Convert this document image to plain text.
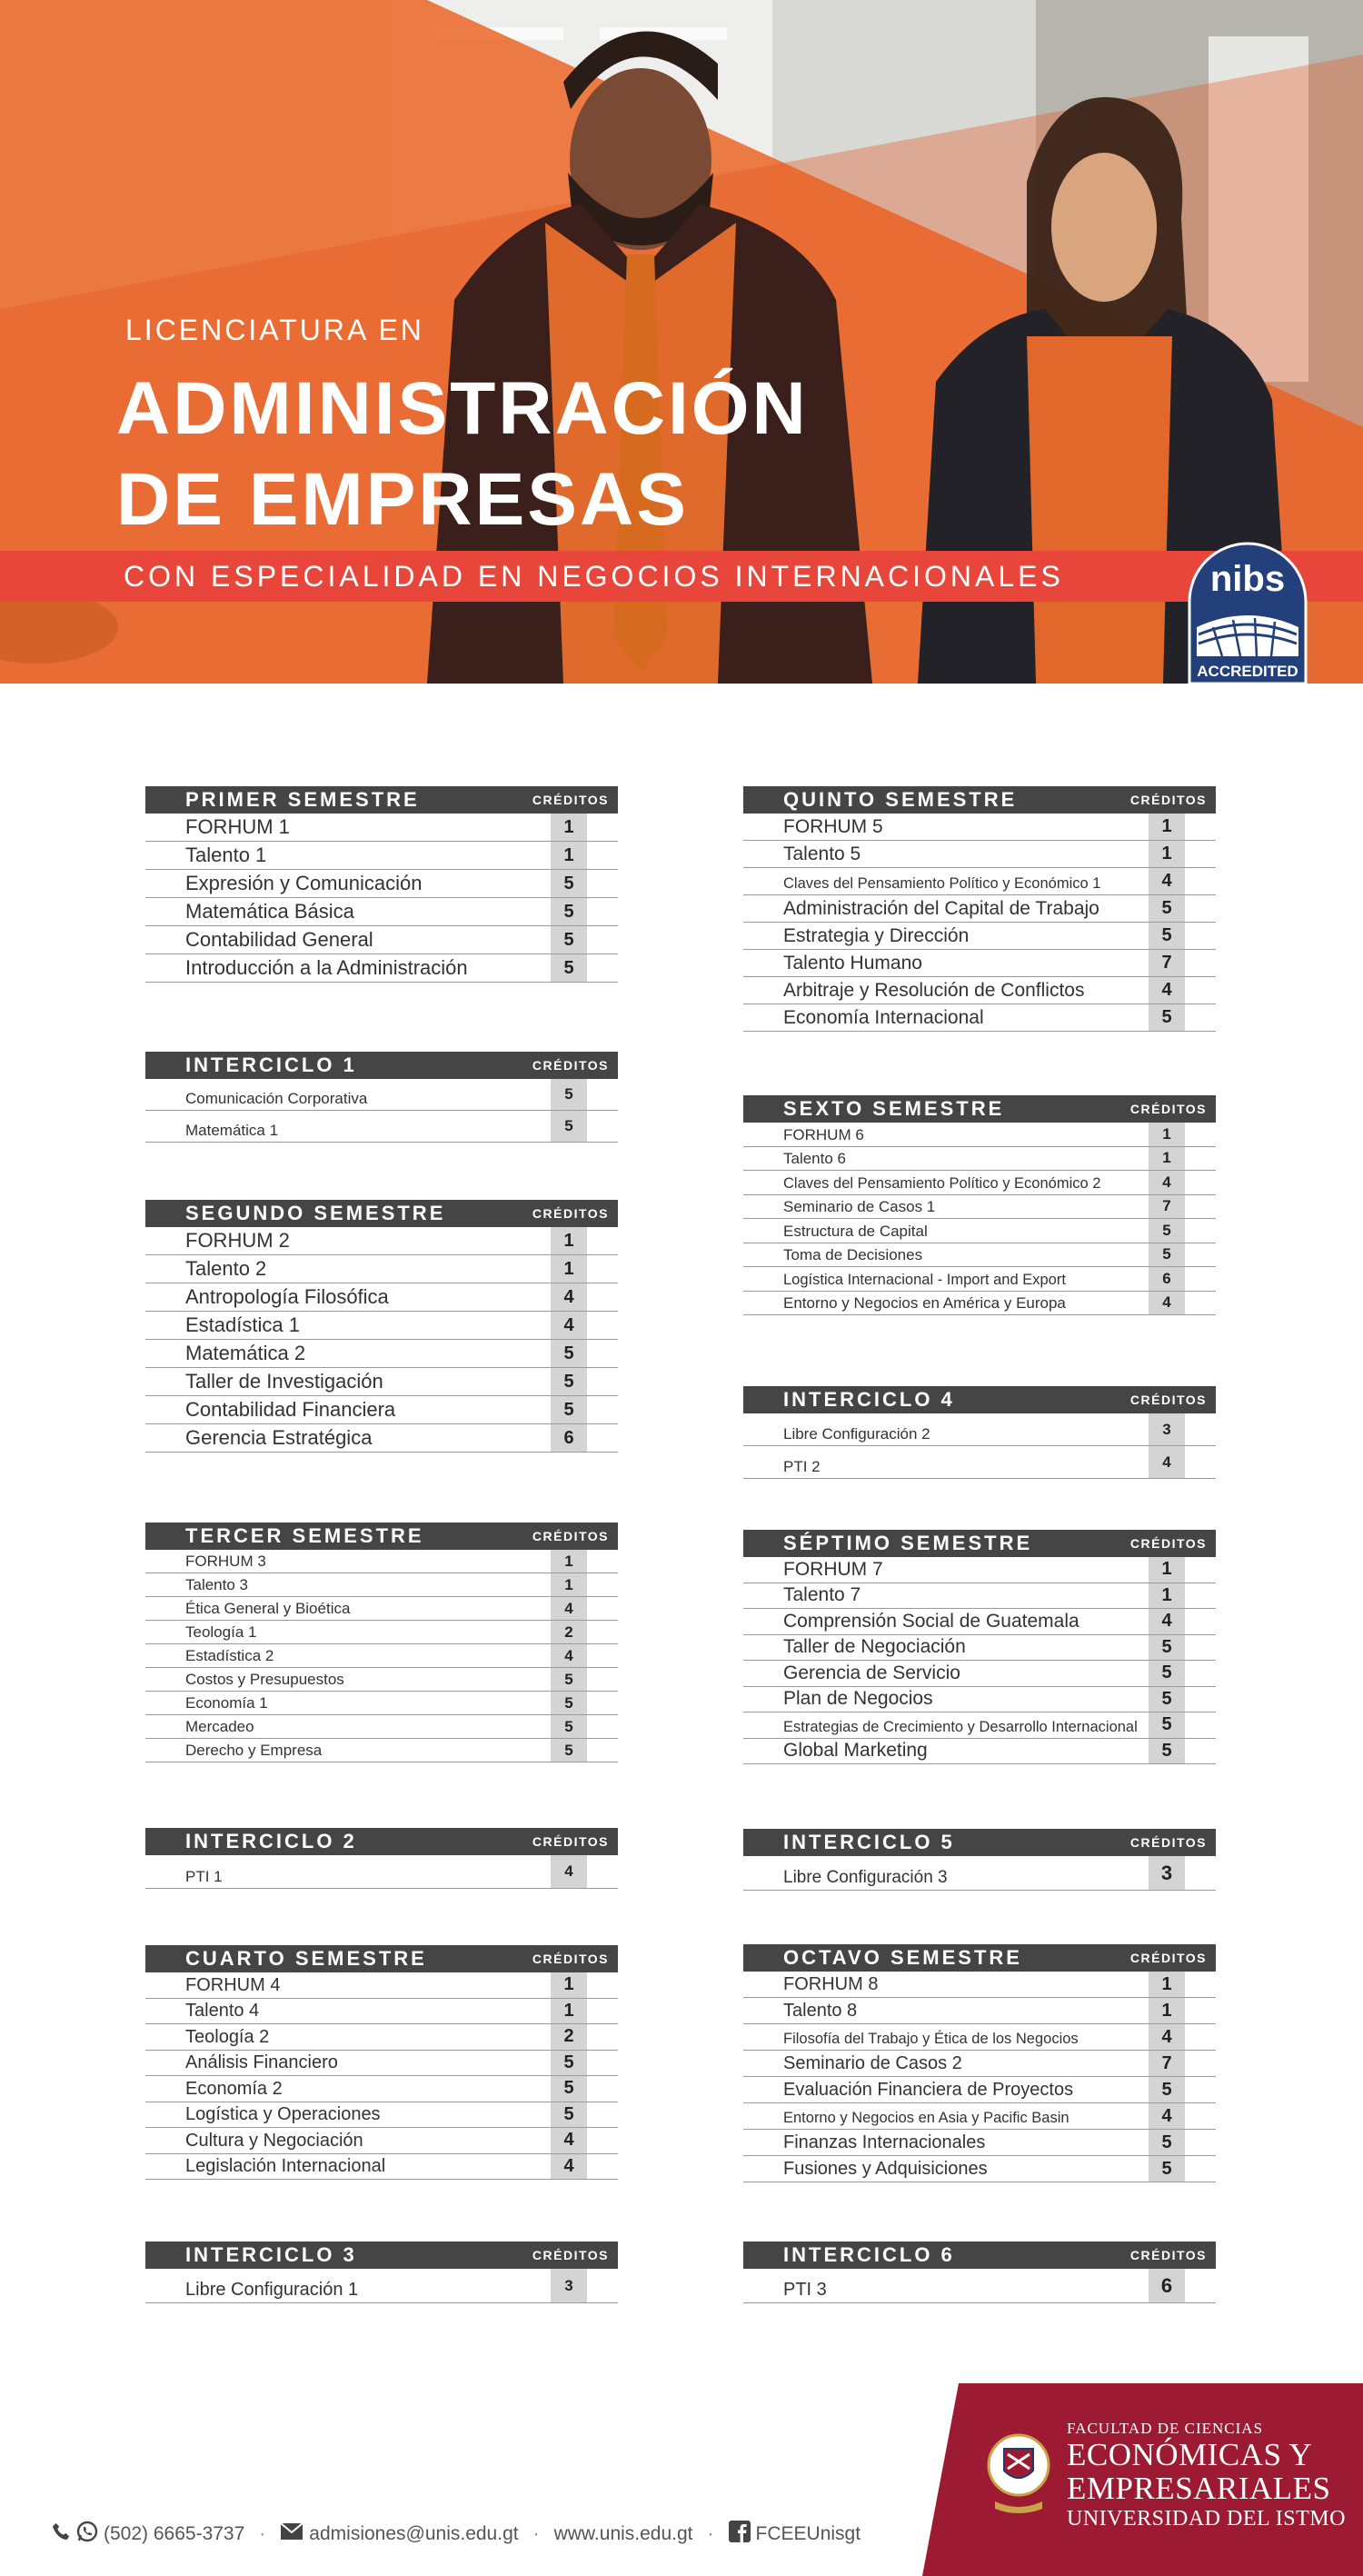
LICENCIATURA EN
ADMINISTRACIÓN
DE EMPRESAS
CON ESPECIALIDAD EN NEGOCIOS INTERNACIONALES	nibs
ACCREDITED
PRIMER SEMESTRE	CRÉDITOS
FORHUM 1	1
Talento 1	1
Expresión y Comunicación	5
Matemática Básica	5
Contabilidad General	5
Introducción a la Administración	5
INTERCICLO 1	CRÉDITOS
Comunicación Corporativa	5
Matemática 1	5
SEGUNDO SEMESTRE	CRÉDITOS
FORHUM 2	1
Talento 2	1
Antropología Filosófica	4
Estadística 1	4
Matemática 2	5
Taller de Investigación	5
Contabilidad Financiera	5
Gerencia Estratégica	6
TERCER SEMESTRE	CRÉDITOS
FORHUM 3	1
Talento 3	1
Ética General y Bioética	4
Teología 1	2
Estadística 2	4
Costos y Presupuestos	5
Economía 1	5
Mercadeo	5
Derecho y Empresa	5
INTERCICLO 2	CRÉDITOS
PTI 1	4
CUARTO SEMESTRE	CRÉDITOS
FORHUM 4	1
Talento 4	1
Teología 2	2
Análisis Financiero	5
Economía 2	5
Logística y Operaciones	5
Cultura y Negociación	4
Legislación Internacional	4
INTERCICLO 3	CRÉDITOS
Libre Configuración 1	3
QUINTO SEMESTRE	CRÉDITOS
FORHUM 5	1
Talento 5	1
Claves del Pensamiento Político y Económico 1	4
Administración del Capital de Trabajo	5
Estrategia y Dirección	5
Talento Humano	7
Arbitraje y Resolución de Conflictos	4
Economía Internacional	5
SEXTO SEMESTRE	CRÉDITOS
FORHUM 6	1
Talento 6	1
Claves del Pensamiento Político y Económico 2	4
Seminario de Casos 1	7
Estructura de Capital	5
Toma de Decisiones	5
Logística Internacional - Import and Export	6
Entorno y Negocios en América y Europa	4
INTERCICLO 4	CRÉDITOS
Libre Configuración 2	3
PTI 2	4
SÉPTIMO SEMESTRE	CRÉDITOS
FORHUM 7	1
Talento 7	1
Comprensión Social de Guatemala	4
Taller de Negociación	5
Gerencia de Servicio	5
Plan de Negocios	5
Estrategias de Crecimiento y Desarrollo Internacional	5
Global Marketing	5
INTERCICLO 5	CRÉDITOS
Libre Configuración 3	3
OCTAVO SEMESTRE	CRÉDITOS
FORHUM 8	1
Talento 8	1
Filosofía del Trabajo y Ética de los Negocios	4
Seminario de Casos 2	7
Evaluación Financiera de Proyectos	5
Entorno y Negocios en Asia y Pacific Basin	4
Finanzas Internacionales	5
Fusiones y Adquisiciones	5
INTERCICLO 6	CRÉDITOS
PTI 3	6
(502) 6665-3737 · admisiones@unis.edu.gt · www.unis.edu.gt · FCEEUnisgt
FACULTAD DE CIENCIAS
ECONÓMICAS Y
EMPRESARIALES
UNIVERSIDAD DEL ISTMO
